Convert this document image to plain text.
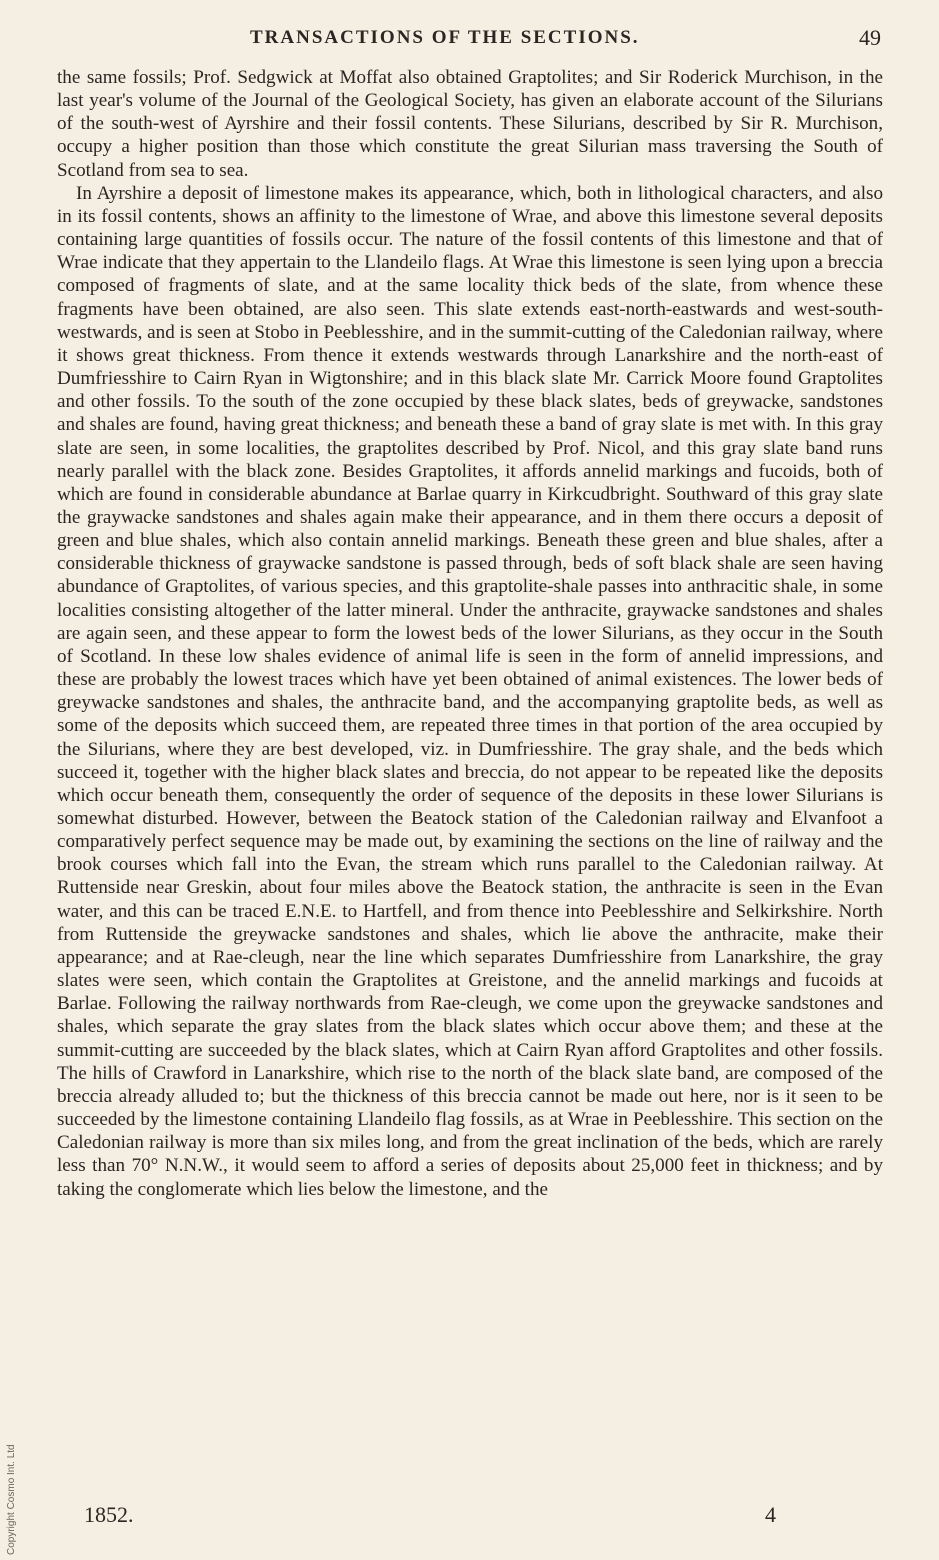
TRANSACTIONS OF THE SECTIONS.	49

the same fossils; Prof. Sedgwick at Moffat also obtained Graptolites; and Sir Roderick Murchison, in the last year's volume of the Journal of the Geological Society, has given an elaborate account of the Silurians of the south-west of Ayrshire and their fossil contents. These Silurians, described by Sir R. Murchison, occupy a higher position than those which constitute the great Silurian mass traversing the South of Scotland from sea to sea.

In Ayrshire a deposit of limestone makes its appearance, which, both in lithological characters, and also in its fossil contents, shows an affinity to the limestone of Wrae, and above this limestone several deposits containing large quantities of fossils occur. The nature of the fossil contents of this limestone and that of Wrae indicate that they appertain to the Llandeilo flags. At Wrae this limestone is seen lying upon a breccia composed of fragments of slate, and at the same locality thick beds of the slate, from whence these fragments have been obtained, are also seen. This slate extends east-north-eastwards and west-south-westwards, and is seen at Stobo in Peeblesshire, and in the summit-cutting of the Caledonian railway, where it shows great thickness. From thence it extends westwards through Lanarkshire and the north-east of Dumfriesshire to Cairn Ryan in Wigtonshire; and in this black slate Mr. Carrick Moore found Graptolites and other fossils. To the south of the zone occupied by these black slates, beds of greywacke, sandstones and shales are found, having great thickness; and beneath these a band of gray slate is met with. In this gray slate are seen, in some localities, the graptolites described by Prof. Nicol, and this gray slate band runs nearly parallel with the black zone. Besides Graptolites, it affords annelid markings and fucoids, both of which are found in considerable abundance at Barlae quarry in Kirkcudbright. Southward of this gray slate the graywacke sandstones and shales again make their appearance, and in them there occurs a deposit of green and blue shales, which also contain annelid markings. Beneath these green and blue shales, after a considerable thickness of graywacke sandstone is passed through, beds of soft black shale are seen having abundance of Graptolites, of various species, and this graptolite-shale passes into anthracitic shale, in some localities consisting altogether of the latter mineral. Under the anthracite, graywacke sandstones and shales are again seen, and these appear to form the lowest beds of the lower Silurians, as they occur in the South of Scotland. In these low shales evidence of animal life is seen in the form of annelid impressions, and these are probably the lowest traces which have yet been obtained of animal existences. The lower beds of greywacke sandstones and shales, the anthracite band, and the accompanying graptolite beds, as well as some of the deposits which succeed them, are repeated three times in that portion of the area occupied by the Silurians, where they are best developed, viz. in Dumfriesshire. The gray shale, and the beds which succeed it, together with the higher black slates and breccia, do not appear to be repeated like the deposits which occur beneath them, consequently the order of sequence of the deposits in these lower Silurians is somewhat disturbed. However, between the Beatock station of the Caledonian railway and Elvanfoot a comparatively perfect sequence may be made out, by examining the sections on the line of railway and the brook courses which fall into the Evan, the stream which runs parallel to the Caledonian railway. At Ruttenside near Greskin, about four miles above the Beatock station, the anthracite is seen in the Evan water, and this can be traced E.N.E. to Hartfell, and from thence into Peeblesshire and Selkirkshire. North from Ruttenside the greywacke sandstones and shales, which lie above the anthracite, make their appearance; and at Rae-cleugh, near the line which separates Dumfriesshire from Lanarkshire, the gray slates were seen, which contain the Graptolites at Greistone, and the annelid markings and fucoids at Barlae. Following the railway northwards from Rae-cleugh, we come upon the greywacke sandstones and shales, which separate the gray slates from the black slates which occur above them; and these at the summit-cutting are succeeded by the black slates, which at Cairn Ryan afford Graptolites and other fossils. The hills of Crawford in Lanarkshire, which rise to the north of the black slate band, are composed of the breccia already alluded to; but the thickness of this breccia cannot be made out here, nor is it seen to be succeeded by the limestone containing Llandeilo flag fossils, as at Wrae in Peeblesshire. This section on the Caledonian railway is more than six miles long, and from the great inclination of the beds, which are rarely less than 70° N.N.W., it would seem to afford a series of deposits about 25,000 feet in thickness; and by taking the conglomerate which lies below the limestone, and the

1852.	4
Copyright Cosmo Int. Ltd
